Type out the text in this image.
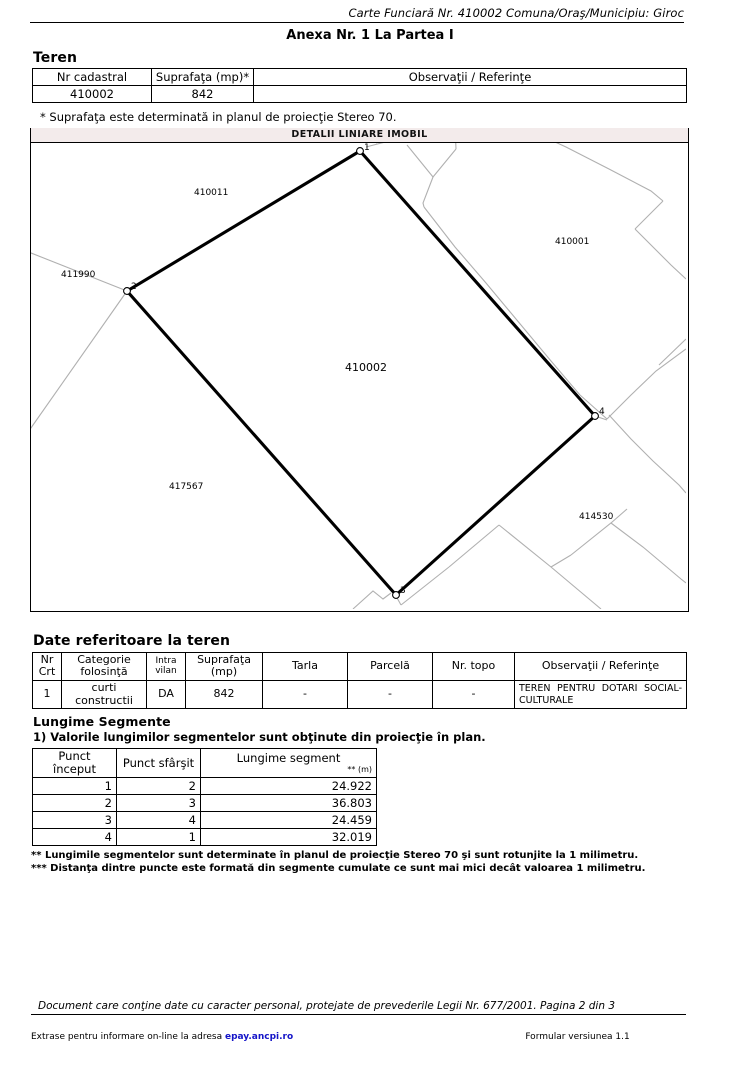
Carte Funciară Nr. 410002 Comuna/Oraş/Municipiu: Giroc
Anexa Nr. 1 La Partea I
Teren
Nr cadastral	Suprafaţa (mp)*	Observaţii / Referinţe
410002	842	
* Suprafaţa este determinată in planul de proiecţie Stereo 70.
DETALII LINIARE IMOBIL
1
2
3
4
410011
411990
410001
410002
417567
414530
Date referitoare la teren
Nr Crt	Categorie folosinţă	Intra vilan	Suprafaţa (mp)	Tarla	Parcelă	Nr. topo	Observaţii / Referinţe
1	curti constructii	DA	842	-	-	-	TEREN PENTRU DOTARI SOCIAL-
CULTURALE
Lungime Segmente
1) Valorile lungimilor segmentelor sunt obţinute din proiecţie în plan.
Punct început	Punct sfârşit	Lungime segment
** (m)

1	2	24.922
2	3	36.803
3	4	24.459
4	1	32.019
** Lungimile segmentelor sunt determinate în planul de proiecţie Stereo 70 şi sunt rotunjite la 1 milimetru.
*** Distanţa dintre puncte este formată din segmente cumulate ce sunt mai mici decât valoarea 1 milimetru.
Document care conţine date cu caracter personal, protejate de prevederile Legii Nr. 677/2001. Pagina 2 din 3
Extrase pentru informare on-line la adresa epay.ancpi.ro	Formular versiunea 1.1
